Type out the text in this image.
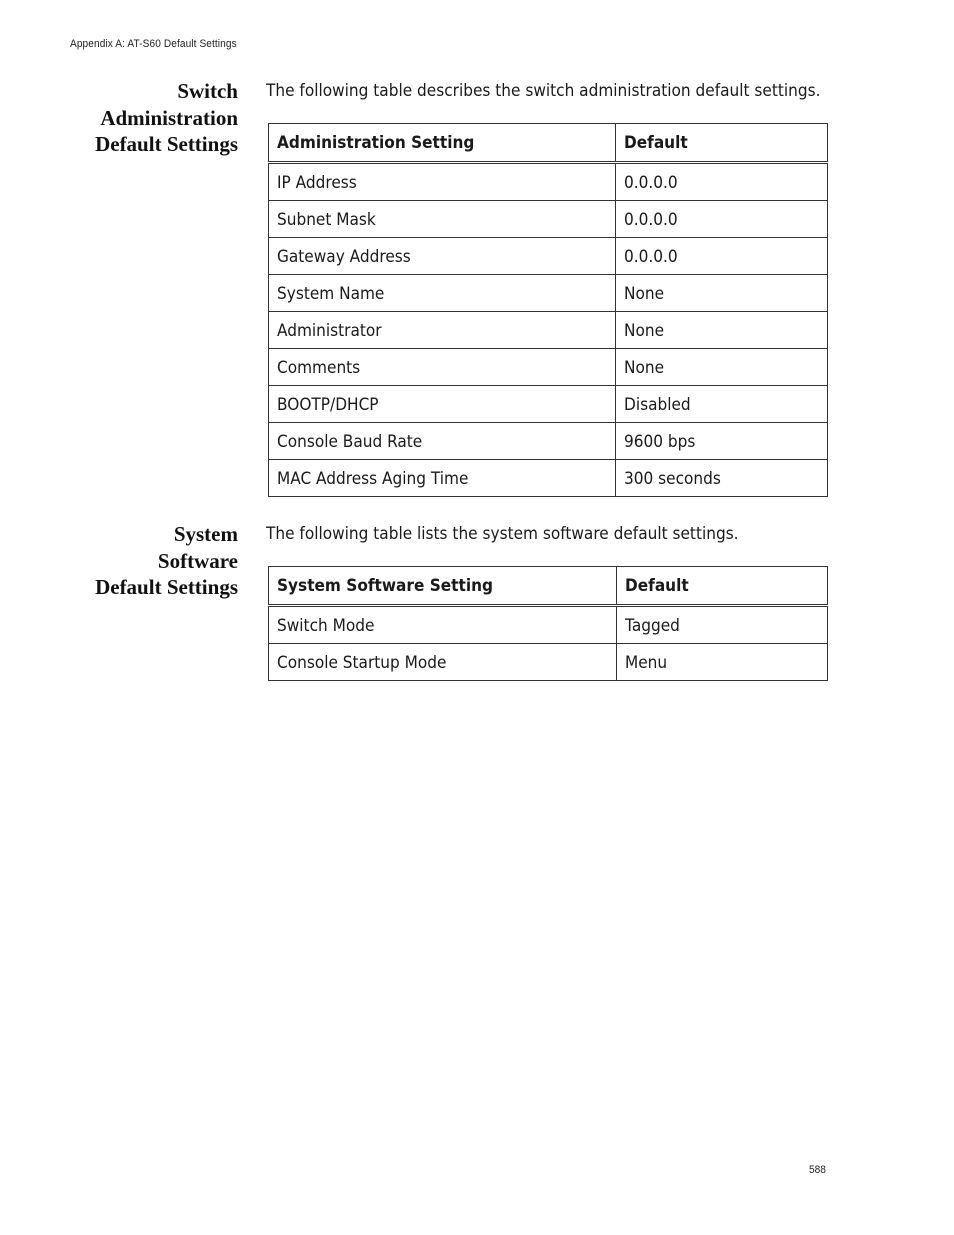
Appendix A: AT-S60 Default Settings
Switch
Administration
Default Settings
The following table describes the switch administration default settings.
Administration Setting	Default
IP Address	0.0.0.0
Subnet Mask	0.0.0.0
Gateway Address	0.0.0.0
System Name	None
Administrator	None
Comments	None
BOOTP/DHCP	Disabled
Console Baud Rate	9600 bps
MAC Address Aging Time	300 seconds
System
Software
Default Settings
The following table lists the system software default settings.
System Software Setting	Default
Switch Mode	Tagged
Console Startup Mode	Menu
588
